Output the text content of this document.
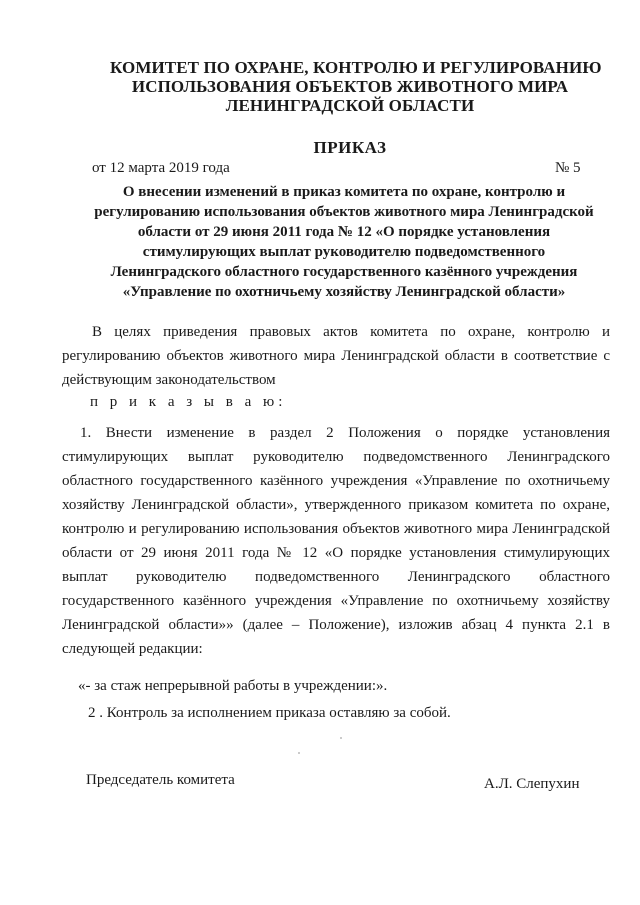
КОМИТЕТ ПО ОХРАНЕ, КОНТРОЛЮ И РЕГУЛИРОВАНИЮ
ИСПОЛЬЗОВАНИЯ ОБЪЕКТОВ ЖИВОТНОГО МИРА
ЛЕНИНГРАДСКОЙ ОБЛАСТИ
ПРИКАЗ
от 12 марта 2019 года	№ 5
О внесении изменений в приказ комитета по охране, контролю и
регулированию использования объектов животного мира Ленинградской
области от 29 июня 2011 года № 12 «О порядке установления
стимулирующих выплат руководителю подведомственного
Ленинградского областного государственного казённого учреждения
«Управление по охотничьему хозяйству Ленинградской области»
В целях приведения правовых актов комитета по охране, контролю и регулированию объектов животного мира Ленинградской области в соответствие с действующим законодательством
п р и к а з ы в а ю:
1. Внести изменение в раздел 2 Положения о порядке установления стимулирующих выплат руководителю подведомственного Ленинградского областного государственного казённого учреждения «Управление по охотничьему хозяйству Ленинградской области», утвержденного приказом комитета по охране, контролю и регулированию использования объектов животного мира Ленинградской области от 29 июня 2011 года № 12 «О порядке установления стимулирующих выплат руководителю подведомственного Ленинградского областного государственного казённого учреждения «Управление по охотничьему хозяйству Ленинградской области»» (далее – Положение), изложив абзац 4 пункта 2.1 в следующей редакции:
«- за стаж непрерывной работы в учреждении:».
2 . Контроль за исполнением приказа оставляю за собой.
Председатель комитета	А.Л. Слепухин
